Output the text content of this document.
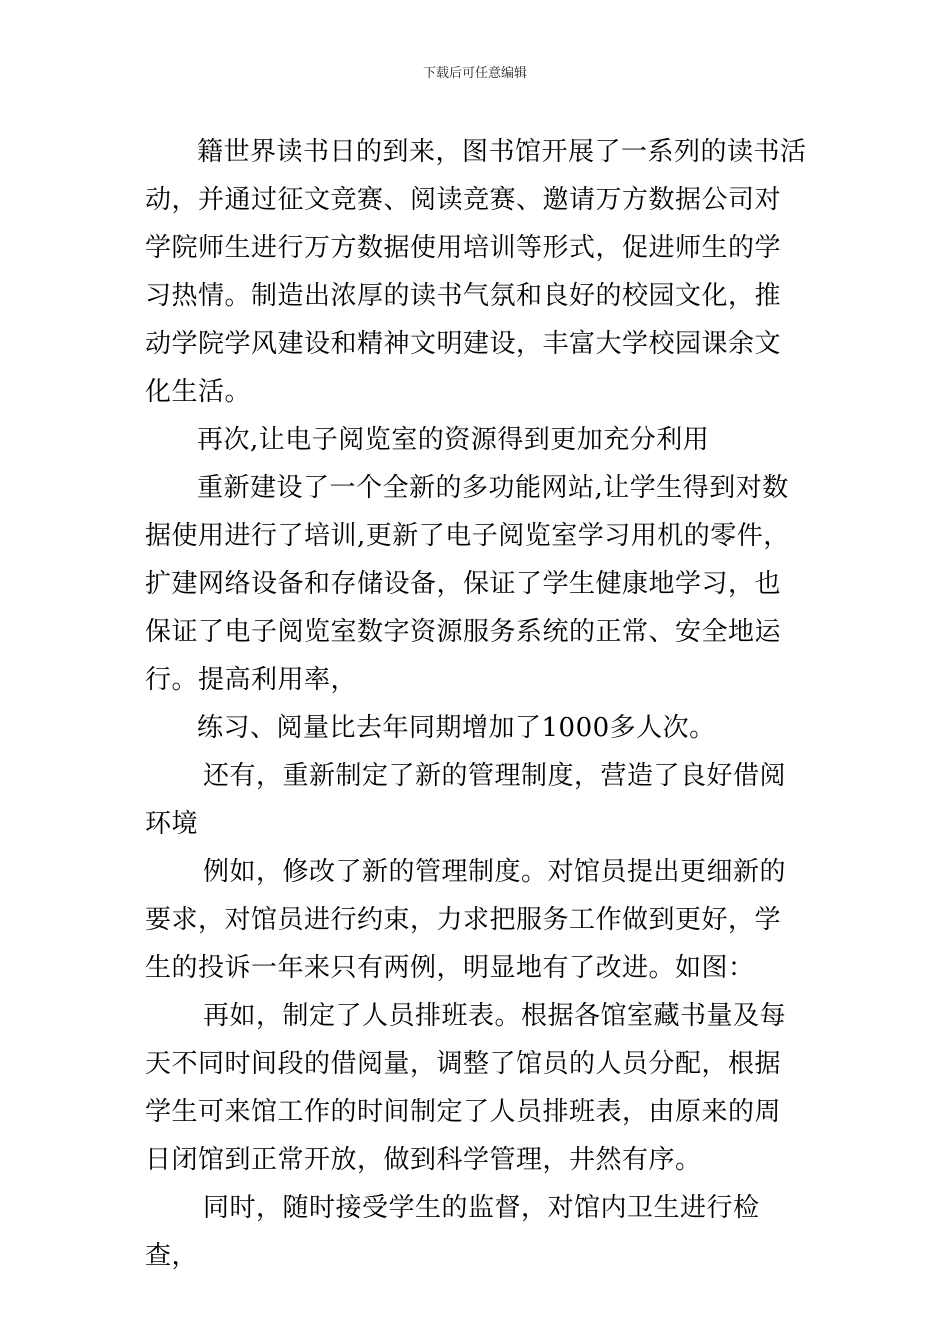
下载后可任意编辑

籍世界读书日的到来，图书馆开展了一系列的读书活动，并通过征文竞赛、阅读竞赛、邀请万方数据公司对学院师生进行万方数据使用培训等形式，促进师生的学习热情。制造出浓厚的读书气氛和良好的校园文化，推动学院学风建设和精神文明建设，丰富大学校园课余文化生活。

再次,让电子阅览室的资源得到更加充分利用

重新建设了一个全新的多功能网站,让学生得到对数据使用进行了培训,更新了电子阅览室学习用机的零件，扩建网络设备和存储设备，保证了学生健康地学习，也保证了电子阅览室数字资源服务系统的正常、安全地运行。提高利用率，

练习、阅量比去年同期增加了1000多人次。

还有，重新制定了新的管理制度，营造了良好借阅环境

例如，修改了新的管理制度。对馆员提出更细新的要求，对馆员进行约束，力求把服务工作做到更好，学生的投诉一年来只有两例，明显地有了改进。如图：

再如，制定了人员排班表。根据各馆室藏书量及每天不同时间段的借阅量，调整了馆员的人员分配，根据学生可来馆工作的时间制定了人员排班表，由原来的周日闭馆到正常开放，做到科学管理，井然有序。

同时，随时接受学生的监督，对馆内卫生进行检查，
